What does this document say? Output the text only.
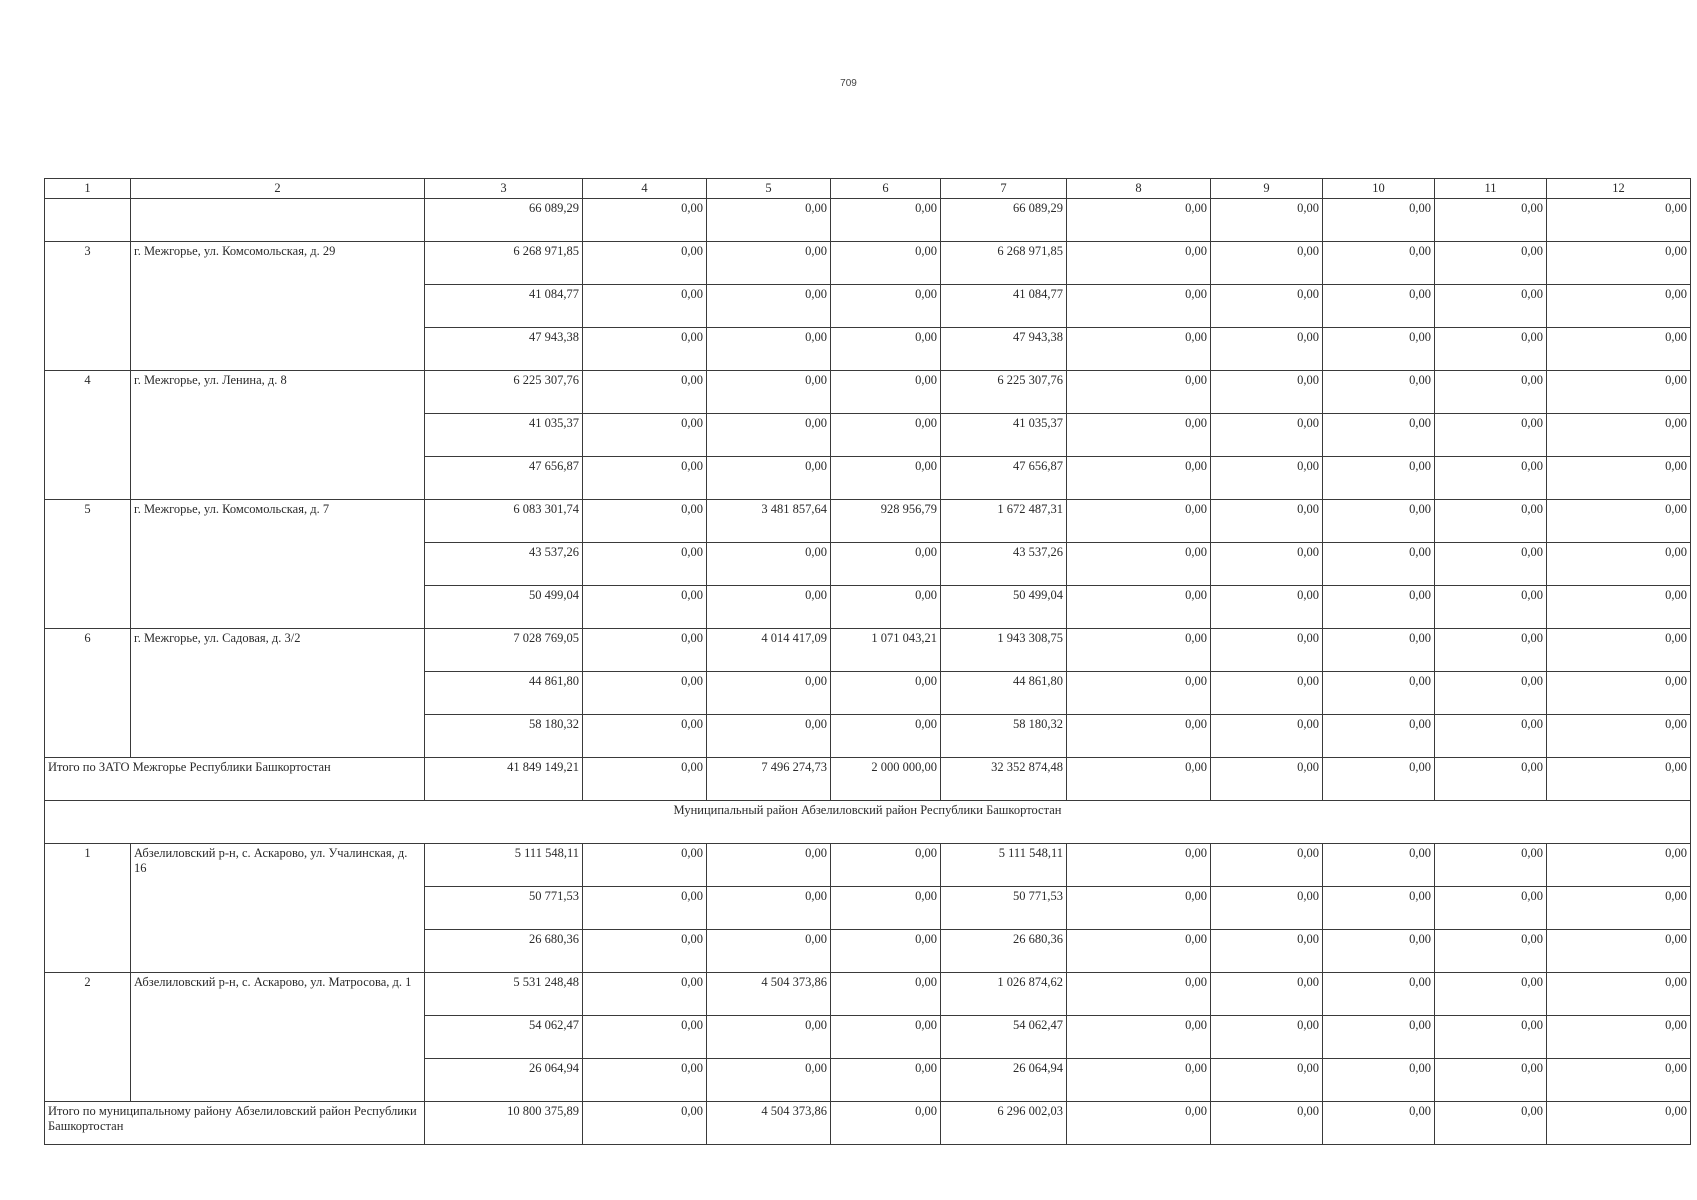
709
1	2	3	4	5	6	7	8	9	10	11	12
		66 089,29	0,00	0,00	0,00	66 089,29	0,00	0,00	0,00	0,00	0,00
3	г. Межгорье, ул. Комсомольская, д. 29	6 268 971,85	0,00	0,00	0,00	6 268 971,85	0,00	0,00	0,00	0,00	0,00
		41 084,77	0,00	0,00	0,00	41 084,77	0,00	0,00	0,00	0,00	0,00
		47 943,38	0,00	0,00	0,00	47 943,38	0,00	0,00	0,00	0,00	0,00
4	г. Межгорье, ул. Ленина, д. 8	6 225 307,76	0,00	0,00	0,00	6 225 307,76	0,00	0,00	0,00	0,00	0,00
		41 035,37	0,00	0,00	0,00	41 035,37	0,00	0,00	0,00	0,00	0,00
		47 656,87	0,00	0,00	0,00	47 656,87	0,00	0,00	0,00	0,00	0,00
5	г. Межгорье, ул. Комсомольская, д. 7	6 083 301,74	0,00	3 481 857,64	928 956,79	1 672 487,31	0,00	0,00	0,00	0,00	0,00
		43 537,26	0,00	0,00	0,00	43 537,26	0,00	0,00	0,00	0,00	0,00
		50 499,04	0,00	0,00	0,00	50 499,04	0,00	0,00	0,00	0,00	0,00
6	г. Межгорье, ул. Садовая, д. 3/2	7 028 769,05	0,00	4 014 417,09	1 071 043,21	1 943 308,75	0,00	0,00	0,00	0,00	0,00
		44 861,80	0,00	0,00	0,00	44 861,80	0,00	0,00	0,00	0,00	0,00
		58 180,32	0,00	0,00	0,00	58 180,32	0,00	0,00	0,00	0,00	0,00
Итого по ЗАТО Межгорье Республики Башкортостан		41 849 149,21	0,00	7 496 274,73	2 000 000,00	32 352 874,48	0,00	0,00	0,00	0,00	0,00
Муниципальный район Абзелиловский район Республики Башкортостан											
1	Абзелиловский р-н, с. Аскарово, ул. Учалинская, д. 16	5 111 548,11	0,00	0,00	0,00	5 111 548,11	0,00	0,00	0,00	0,00	0,00
		50 771,53	0,00	0,00	0,00	50 771,53	0,00	0,00	0,00	0,00	0,00
		26 680,36	0,00	0,00	0,00	26 680,36	0,00	0,00	0,00	0,00	0,00
2	Абзелиловский р-н, с. Аскарово, ул. Матросова, д. 1	5 531 248,48	0,00	4 504 373,86	0,00	1 026 874,62	0,00	0,00	0,00	0,00	0,00
		54 062,47	0,00	0,00	0,00	54 062,47	0,00	0,00	0,00	0,00	0,00
		26 064,94	0,00	0,00	0,00	26 064,94	0,00	0,00	0,00	0,00	0,00
Итого по муниципальному району Абзелиловский район Республики Башкортостан		10 800 375,89	0,00	4 504 373,86	0,00	6 296 002,03	0,00	0,00	0,00	0,00	0,00
